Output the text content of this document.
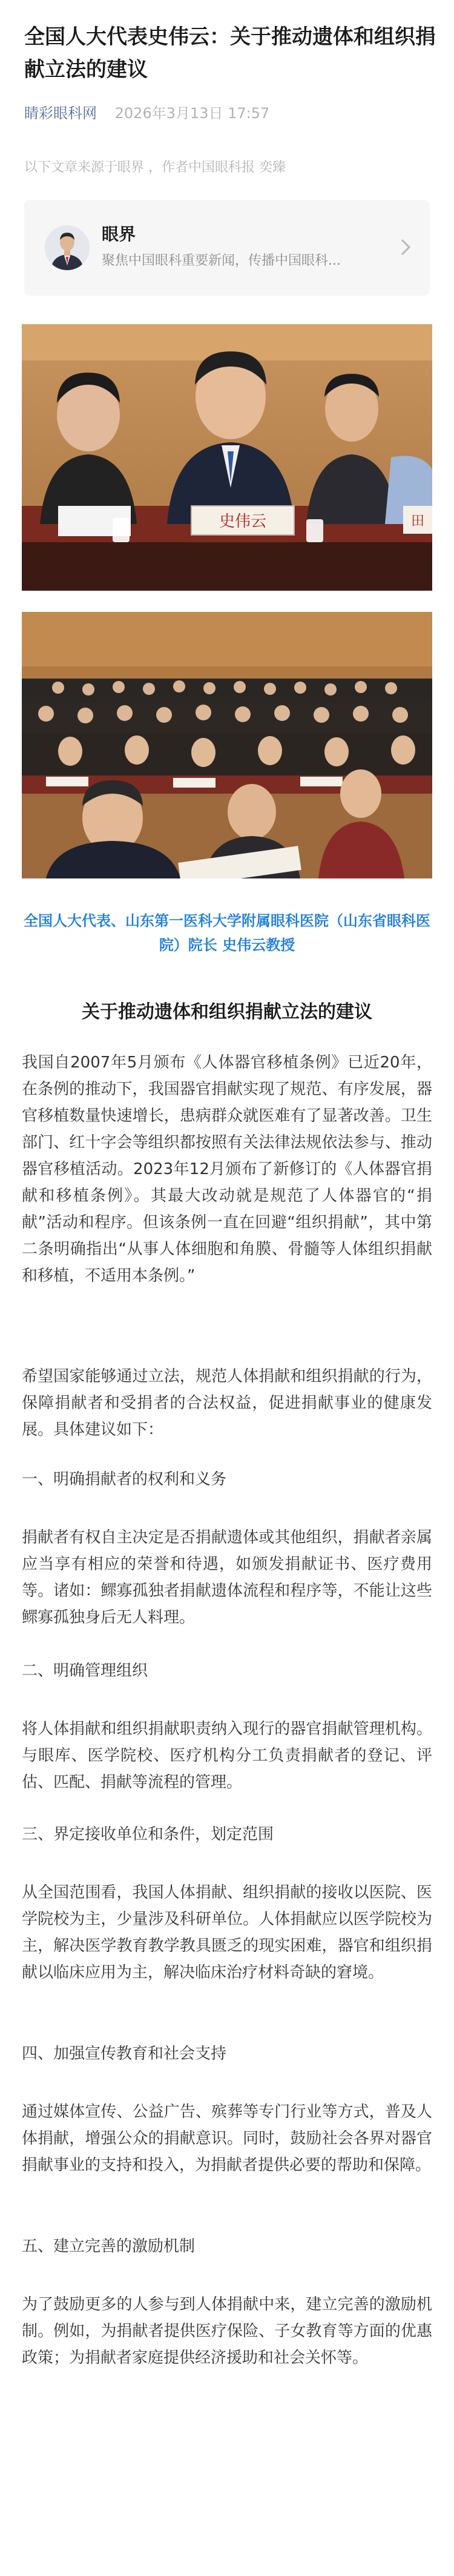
全国人大代表史伟云：关于推动遗体和组织捐献立法的建议
睛彩眼科网 2026年3月13日 17:57
以下文章来源于眼界 ，作者中国眼科报 奕臻
眼界
聚焦中国眼科重要新闻，传播中国眼科...
史伟云	田

全国人大代表、山东第一医科大学附属眼科医院（山东省眼科医院）院长 史伟云教授

关于推动遗体和组织捐献立法的建议

我国自2007年5月颁布《人体器官移植条例》已近20年，在条例的推动下，我国器官捐献实现了规范、有序发展，器官移植数量快速增长，患病群众就医难有了显著改善。卫生部门、红十字会等组织都按照有关法律法规依法参与、推动器官移植活动。2023年12月颁布了新修订的《人体器官捐献和移植条例》。其最大改动就是规范了人体器官的“捐献”活动和程序。但该条例一直在回避“组织捐献”，其中第二条明确指出“从事人体细胞和角膜、骨髓等人体组织捐献和移植，不适用本条例。”

希望国家能够通过立法，规范人体捐献和组织捐献的行为，保障捐献者和受捐者的合法权益，促进捐献事业的健康发展。具体建议如下：

一、明确捐献者的权利和义务

捐献者有权自主决定是否捐献遗体或其他组织，捐献者亲属应当享有相应的荣誉和待遇，如颁发捐献证书、医疗费用等。诸如：鳏寡孤独者捐献遗体流程和程序等，不能让这些鳏寡孤独身后无人料理。

二、明确管理组织

将人体捐献和组织捐献职责纳入现行的器官捐献管理机构。与眼库、医学院校、医疗机构分工负责捐献者的登记、评估、匹配、捐献等流程的管理。

三、界定接收单位和条件，划定范围

从全国范围看，我国人体捐献、组织捐献的接收以医院、医学院校为主，少量涉及科研单位。人体捐献应以医学院校为主，解决医学教育教学教具匮乏的现实困难，器官和组织捐献以临床应用为主，解决临床治疗材料奇缺的窘境。

四、加强宣传教育和社会支持

通过媒体宣传、公益广告、殡葬等专门行业等方式，普及人体捐献，增强公众的捐献意识。同时，鼓励社会各界对器官捐献事业的支持和投入，为捐献者提供必要的帮助和保障。

五、建立完善的激励机制

为了鼓励更多的人参与到人体捐献中来，建立完善的激励机制。例如，为捐献者提供医疗保险、子女教育等方面的优惠政策；为捐献者家庭提供经济援助和社会关怀等。
